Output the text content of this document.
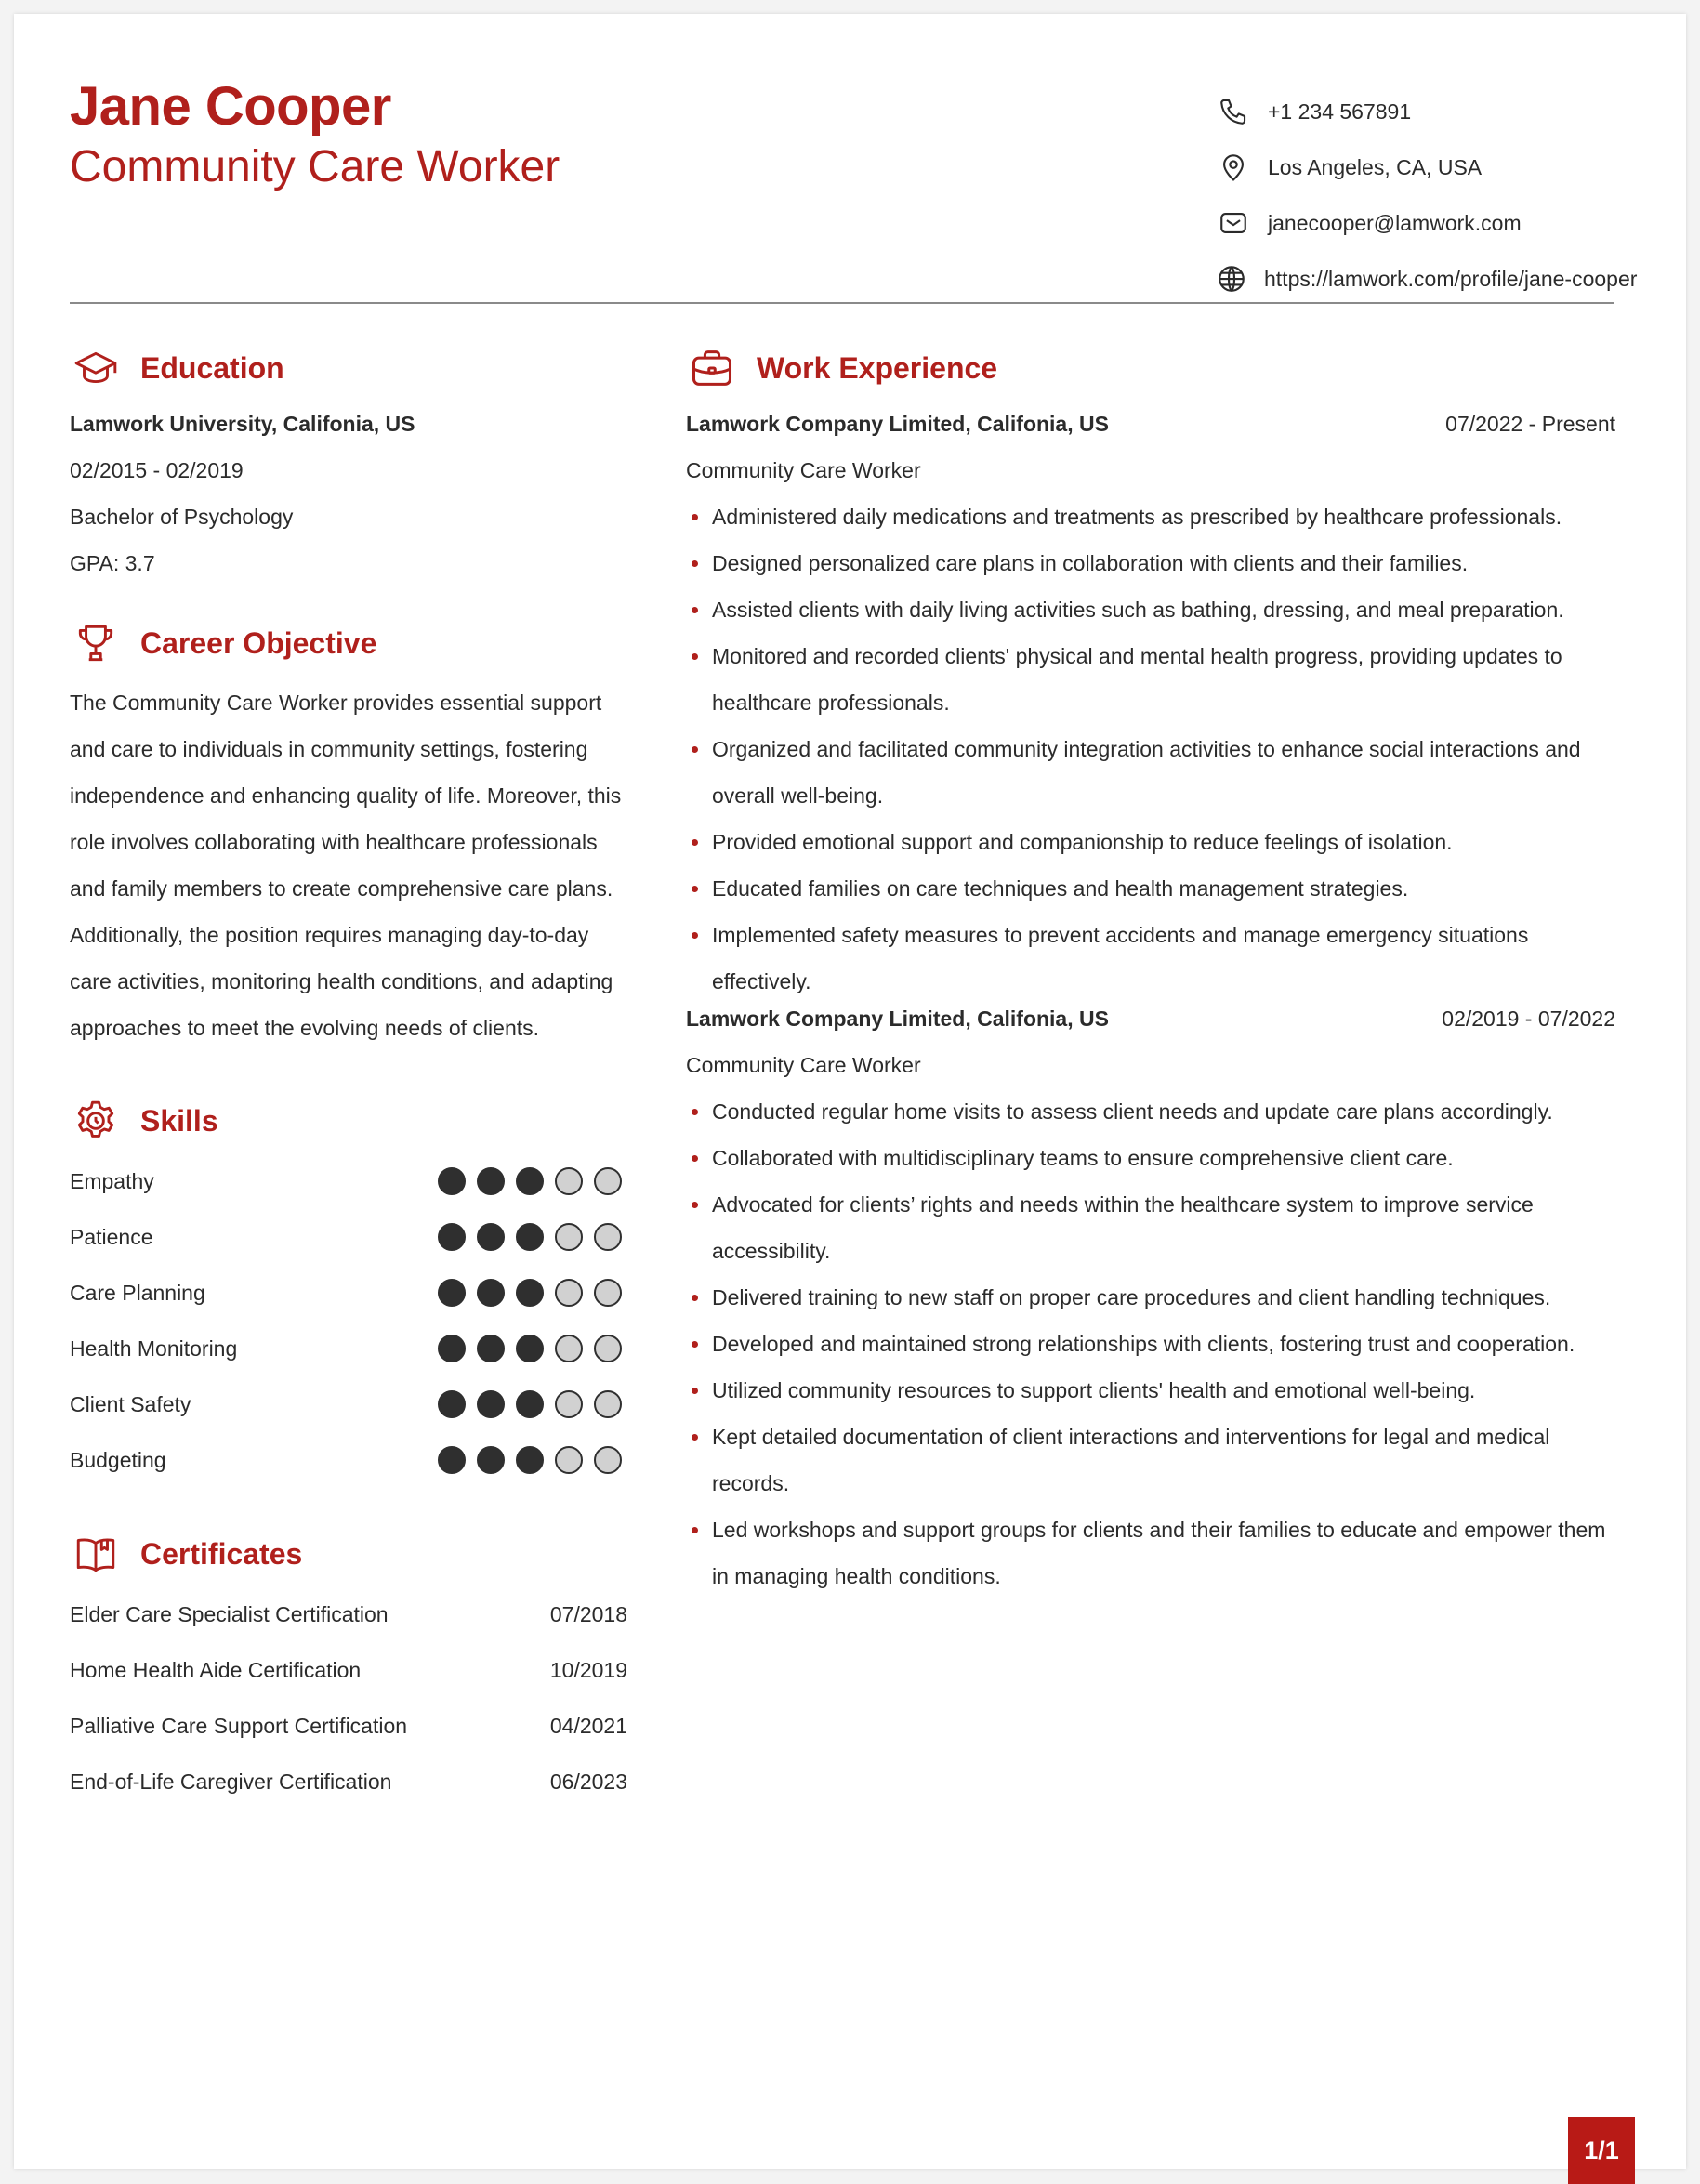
Jane Cooper
Community Care Worker
+1 234 567891
Los Angeles, CA, USA
janecooper@lamwork.com
https://lamwork.com/profile/jane-cooper
Education
Lamwork University, Califonia, US
02/2015 - 02/2019
Bachelor of Psychology
GPA: 3.7
Career Objective

The Community Care Worker provides essential support and care to individuals in community settings, fostering independence and enhancing quality of life. Moreover, this role involves collaborating with healthcare professionals and family members to create comprehensive care plans. Additionally, the position requires managing day-to-day care activities, monitoring health conditions, and adapting approaches to meet the evolving needs of clients.

Skills
Empathy
Patience
Care Planning
Health Monitoring
Client Safety
Budgeting
Certificates
Elder Care Specialist Certification	07/2018
Home Health Aide Certification	10/2019
Palliative Care Support Certification	04/2021
End-of-Life Caregiver Certification	06/2023
Work Experience
Lamwork Company Limited, Califonia, US	07/2022 - Present
Community Care Worker
Administered daily medications and treatments as prescribed by healthcare professionals.
Designed personalized care plans in collaboration with clients and their families.
Assisted clients with daily living activities such as bathing, dressing, and meal preparation.
Monitored and recorded clients' physical and mental health progress, providing updates to healthcare professionals.
Organized and facilitated community integration activities to enhance social interactions and overall well-being.
Provided emotional support and companionship to reduce feelings of isolation.
Educated families on care techniques and health management strategies.
Implemented safety measures to prevent accidents and manage emergency situations effectively.
Lamwork Company Limited, Califonia, US	02/2019 - 07/2022
Community Care Worker
Conducted regular home visits to assess client needs and update care plans accordingly.
Collaborated with multidisciplinary teams to ensure comprehensive client care.
Advocated for clients’ rights and needs within the healthcare system to improve service accessibility.
Delivered training to new staff on proper care procedures and client handling techniques.
Developed and maintained strong relationships with clients, fostering trust and cooperation.
Utilized community resources to support clients' health and emotional well-being.
Kept detailed documentation of client interactions and interventions for legal and medical records.
Led workshops and support groups for clients and their families to educate and empower them in managing health conditions.
1/1
